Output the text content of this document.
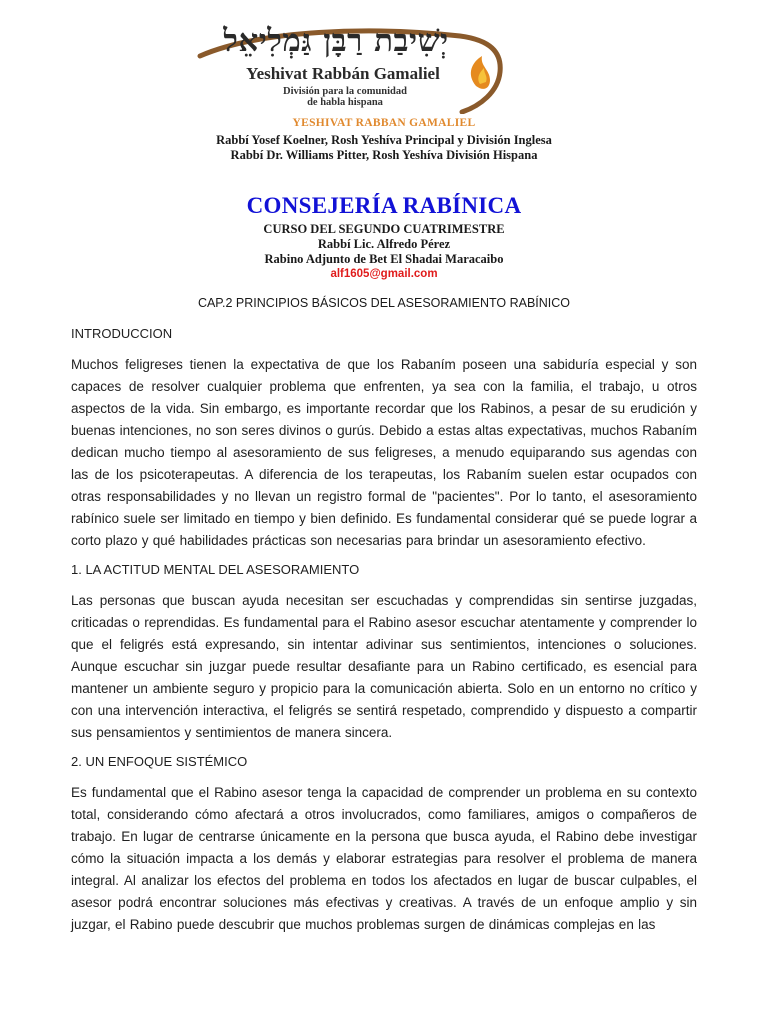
יְשִׁיבַת רַבָּן גַּמְלִיאֵל
Yeshivat Rabbán Gamaliel
División para la comunidad
de habla hispana
YESHIVAT RABBAN GAMALIEL
Rabbí Yosef Koelner, Rosh Yeshíva Principal y División Inglesa
Rabbí Dr. Williams Pitter, Rosh Yeshíva División Hispana
CONSEJERÍA RABÍNICA
CURSO DEL SEGUNDO CUATRIMESTRE
Rabbí Lic. Alfredo Pérez
Rabino Adjunto de Bet El Shadai Maracaibo
alf1605@gmail.com
CAP.2 PRINCIPIOS BÁSICOS DEL ASESORAMIENTO RABÍNICO
INTRODUCCION

Muchos feligreses tienen la expectativa de que los Rabaním poseen una sabiduría especial y son capaces de resolver cualquier problema que enfrenten, ya sea con la familia, el trabajo, u otros aspectos de la vida. Sin embargo, es importante recordar que los Rabinos, a pesar de su erudición y buenas intenciones, no son seres divinos o gurús. Debido a estas altas expectativas, muchos Rabaním dedican mucho tiempo al asesoramiento de sus feligreses, a menudo equiparando sus agendas con las de los psicoterapeutas. A diferencia de los terapeutas, los Rabaním suelen estar ocupados con otras responsabilidades y no llevan un registro formal de "pacientes". Por lo tanto, el asesoramiento rabínico suele ser limitado en tiempo y bien definido. Es fundamental considerar qué se puede lograr a corto plazo y qué habilidades prácticas son necesarias para brindar un asesoramiento efectivo.

1. LA ACTITUD MENTAL DEL ASESORAMIENTO

Las personas que buscan ayuda necesitan ser escuchadas y comprendidas sin sentirse juzgadas, criticadas o reprendidas. Es fundamental para el Rabino asesor escuchar atentamente y comprender lo que el feligrés está expresando, sin intentar adivinar sus sentimientos, intenciones o soluciones. Aunque escuchar sin juzgar puede resultar desafiante para un Rabino certificado, es esencial para mantener un ambiente seguro y propicio para la comunicación abierta. Solo en un entorno no crítico y con una intervención interactiva, el feligrés se sentirá respetado, comprendido y dispuesto a compartir sus pensamientos y sentimientos de manera sincera.

2. UN ENFOQUE SISTÉMICO

Es fundamental que el Rabino asesor tenga la capacidad de comprender un problema en su contexto total, considerando cómo afectará a otros involucrados, como familiares, amigos o compañeros de trabajo. En lugar de centrarse únicamente en la persona que busca ayuda, el Rabino debe investigar cómo la situación impacta a los demás y elaborar estrategias para resolver el problema de manera integral. Al analizar los efectos del problema en todos los afectados en lugar de buscar culpables, el asesor podrá encontrar soluciones más efectivas y creativas. A través de un enfoque amplio y sin juzgar, el Rabino puede descubrir que muchos problemas surgen de dinámicas complejas en las
